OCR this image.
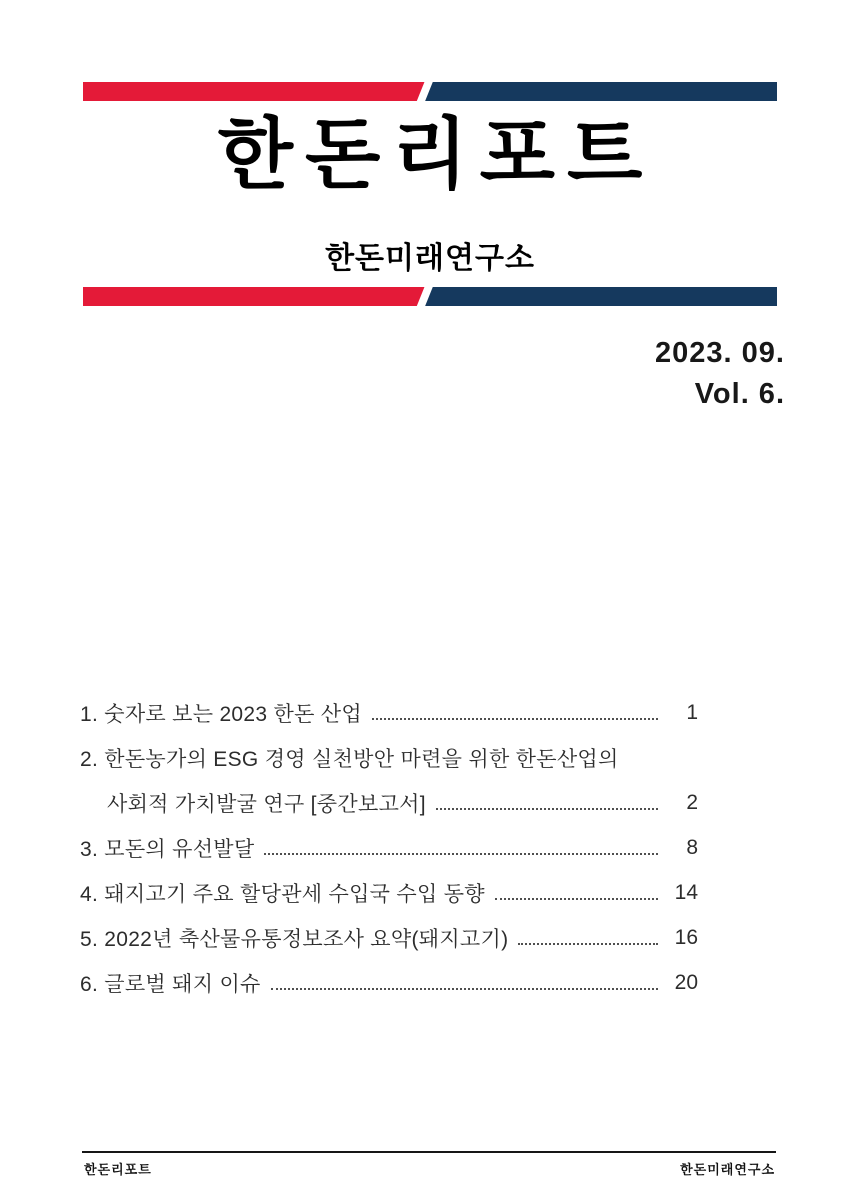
한돈리포트
한돈미래연구소
2023. 09.
Vol. 6.
1. 숫자로 보는 2023 한돈 산업	1
2. 한돈농가의 ESG 경영 실천방안 마련을 위한 한돈산업의
사회적 가치발굴 연구 [중간보고서]	2
3. 모돈의 유선발달	8
4. 돼지고기 주요 할당관세 수입국 수입 동향	14
5. 2022년 축산물유통정보조사 요약(돼지고기)	16
6. 글로벌 돼지 이슈	20
한돈리포트	한돈미래연구소
